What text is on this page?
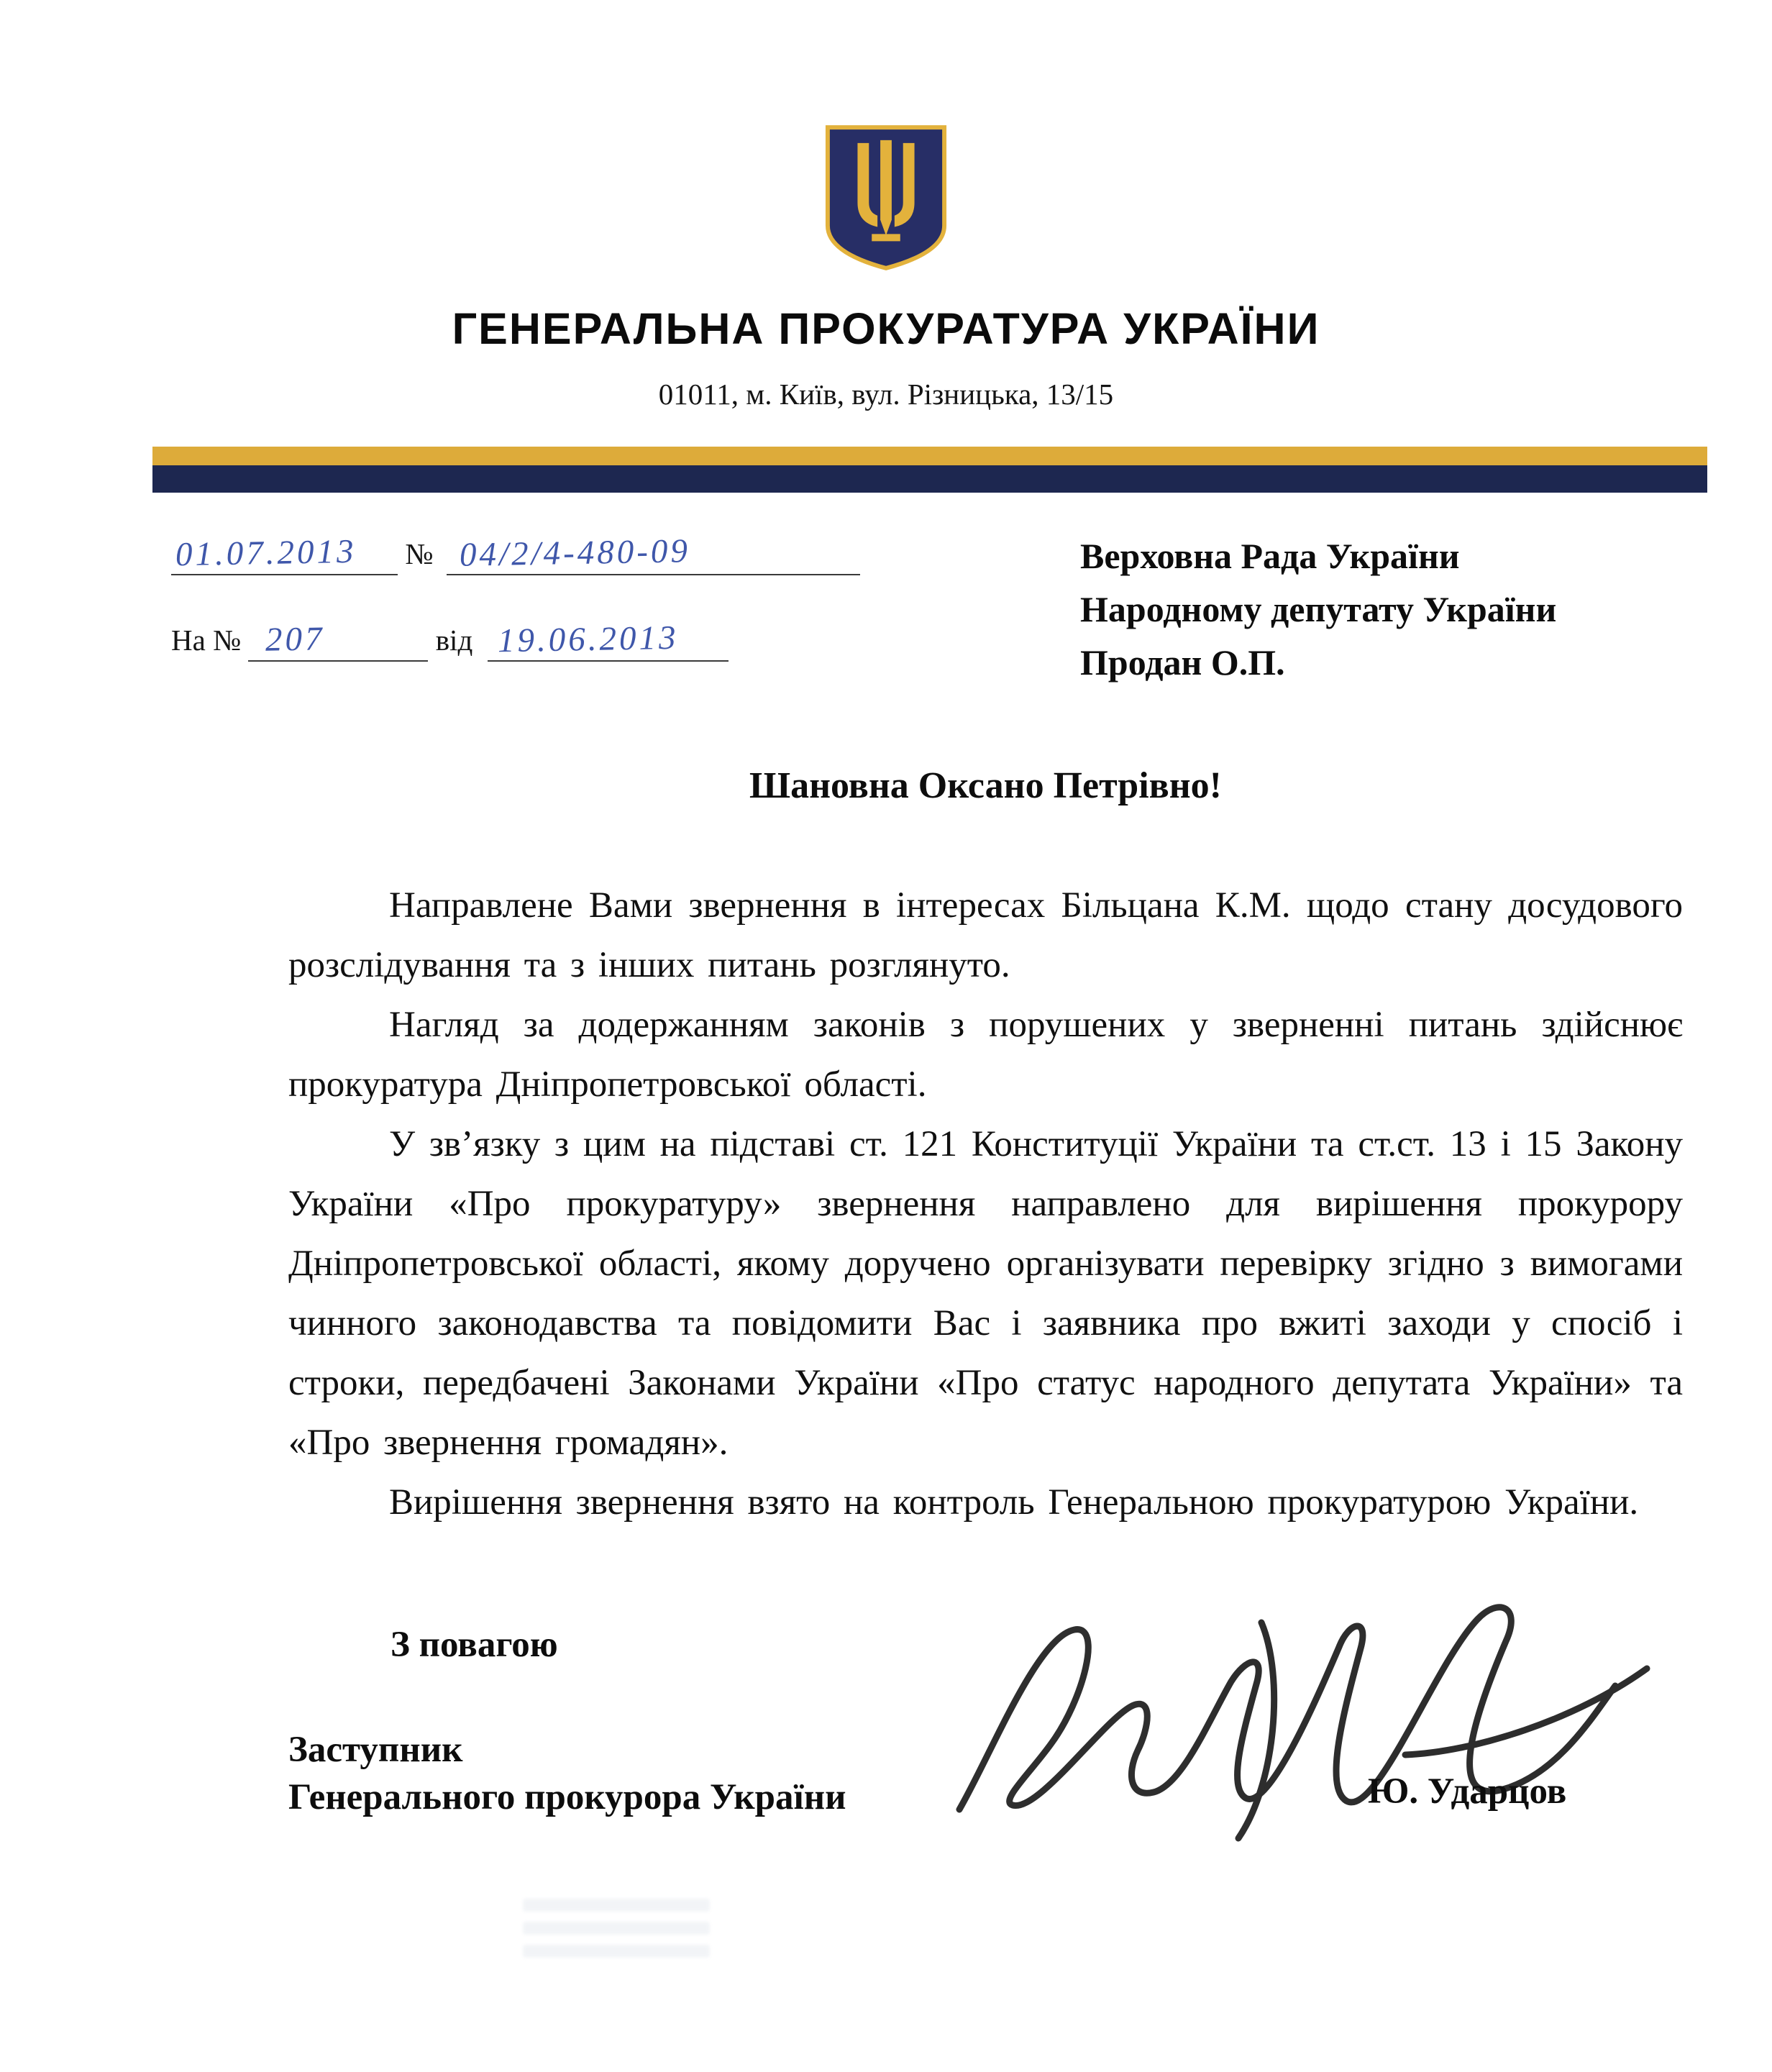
ГЕНЕРАЛЬНА ПРОКУРАТУРА УКРАЇНИ
01011, м. Київ, вул. Різницька, 13/15
01.07.2013 № 04/2/4-480-09
На № 207	від 19.06.2013
Верховна Рада України
Народному депутату України
Продан О.П.
Шановна Оксано Петрівно!

Направлене Вами звернення в інтересах Більцана К.М. щодо стану досудового розслідування та з інших питань розглянуто.

Нагляд за додержанням законів з порушених у зверненні питань здійснює прокуратура Дніпропетровської області.

У зв’язку з цим на підставі ст. 121 Конституції України та ст.ст. 13 і 15 Закону України «Про прокуратуру» звернення направлено для вирішення прокурору Дніпропетровської області, якому доручено організувати перевірку згідно з вимогами чинного законодавства та повідомити Вас і заявника про вжиті заходи у спосіб і строки, передбачені Законами України «Про статус народного депутата України» та «Про звернення громадян».

Вирішення звернення взято на контроль Генеральною прокуратурою України.

З повагою
Заступник
Генерального прокурора України	Ю. Ударцов
